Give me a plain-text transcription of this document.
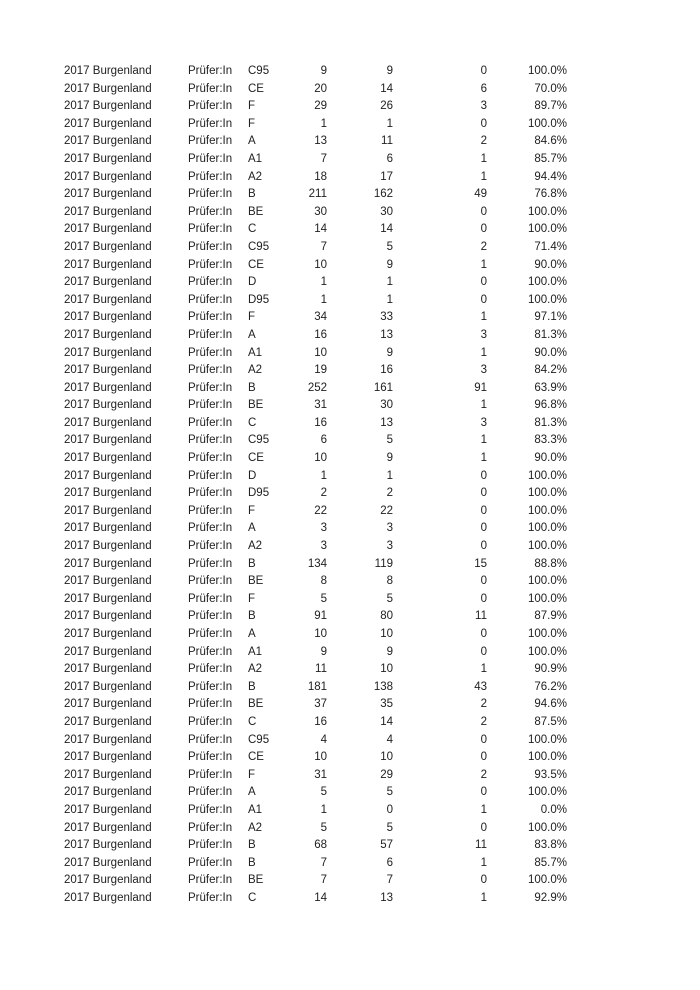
2017 Burgenland	Prüfer:In	C95	9	9	0	100.0%
2017 Burgenland	Prüfer:In	CE	20	14	6	70.0%
2017 Burgenland	Prüfer:In	F	29	26	3	89.7%
2017 Burgenland	Prüfer:In	F	1	1	0	100.0%
2017 Burgenland	Prüfer:In	A	13	11	2	84.6%
2017 Burgenland	Prüfer:In	A1	7	6	1	85.7%
2017 Burgenland	Prüfer:In	A2	18	17	1	94.4%
2017 Burgenland	Prüfer:In	B	211	162	49	76.8%
2017 Burgenland	Prüfer:In	BE	30	30	0	100.0%
2017 Burgenland	Prüfer:In	C	14	14	0	100.0%
2017 Burgenland	Prüfer:In	C95	7	5	2	71.4%
2017 Burgenland	Prüfer:In	CE	10	9	1	90.0%
2017 Burgenland	Prüfer:In	D	1	1	0	100.0%
2017 Burgenland	Prüfer:In	D95	1	1	0	100.0%
2017 Burgenland	Prüfer:In	F	34	33	1	97.1%
2017 Burgenland	Prüfer:In	A	16	13	3	81.3%
2017 Burgenland	Prüfer:In	A1	10	9	1	90.0%
2017 Burgenland	Prüfer:In	A2	19	16	3	84.2%
2017 Burgenland	Prüfer:In	B	252	161	91	63.9%
2017 Burgenland	Prüfer:In	BE	31	30	1	96.8%
2017 Burgenland	Prüfer:In	C	16	13	3	81.3%
2017 Burgenland	Prüfer:In	C95	6	5	1	83.3%
2017 Burgenland	Prüfer:In	CE	10	9	1	90.0%
2017 Burgenland	Prüfer:In	D	1	1	0	100.0%
2017 Burgenland	Prüfer:In	D95	2	2	0	100.0%
2017 Burgenland	Prüfer:In	F	22	22	0	100.0%
2017 Burgenland	Prüfer:In	A	3	3	0	100.0%
2017 Burgenland	Prüfer:In	A2	3	3	0	100.0%
2017 Burgenland	Prüfer:In	B	134	119	15	88.8%
2017 Burgenland	Prüfer:In	BE	8	8	0	100.0%
2017 Burgenland	Prüfer:In	F	5	5	0	100.0%
2017 Burgenland	Prüfer:In	B	91	80	11	87.9%
2017 Burgenland	Prüfer:In	A	10	10	0	100.0%
2017 Burgenland	Prüfer:In	A1	9	9	0	100.0%
2017 Burgenland	Prüfer:In	A2	11	10	1	90.9%
2017 Burgenland	Prüfer:In	B	181	138	43	76.2%
2017 Burgenland	Prüfer:In	BE	37	35	2	94.6%
2017 Burgenland	Prüfer:In	C	16	14	2	87.5%
2017 Burgenland	Prüfer:In	C95	4	4	0	100.0%
2017 Burgenland	Prüfer:In	CE	10	10	0	100.0%
2017 Burgenland	Prüfer:In	F	31	29	2	93.5%
2017 Burgenland	Prüfer:In	A	5	5	0	100.0%
2017 Burgenland	Prüfer:In	A1	1	0	1	0.0%
2017 Burgenland	Prüfer:In	A2	5	5	0	100.0%
2017 Burgenland	Prüfer:In	B	68	57	11	83.8%
2017 Burgenland	Prüfer:In	B	7	6	1	85.7%
2017 Burgenland	Prüfer:In	BE	7	7	0	100.0%
2017 Burgenland	Prüfer:In	C	14	13	1	92.9%
